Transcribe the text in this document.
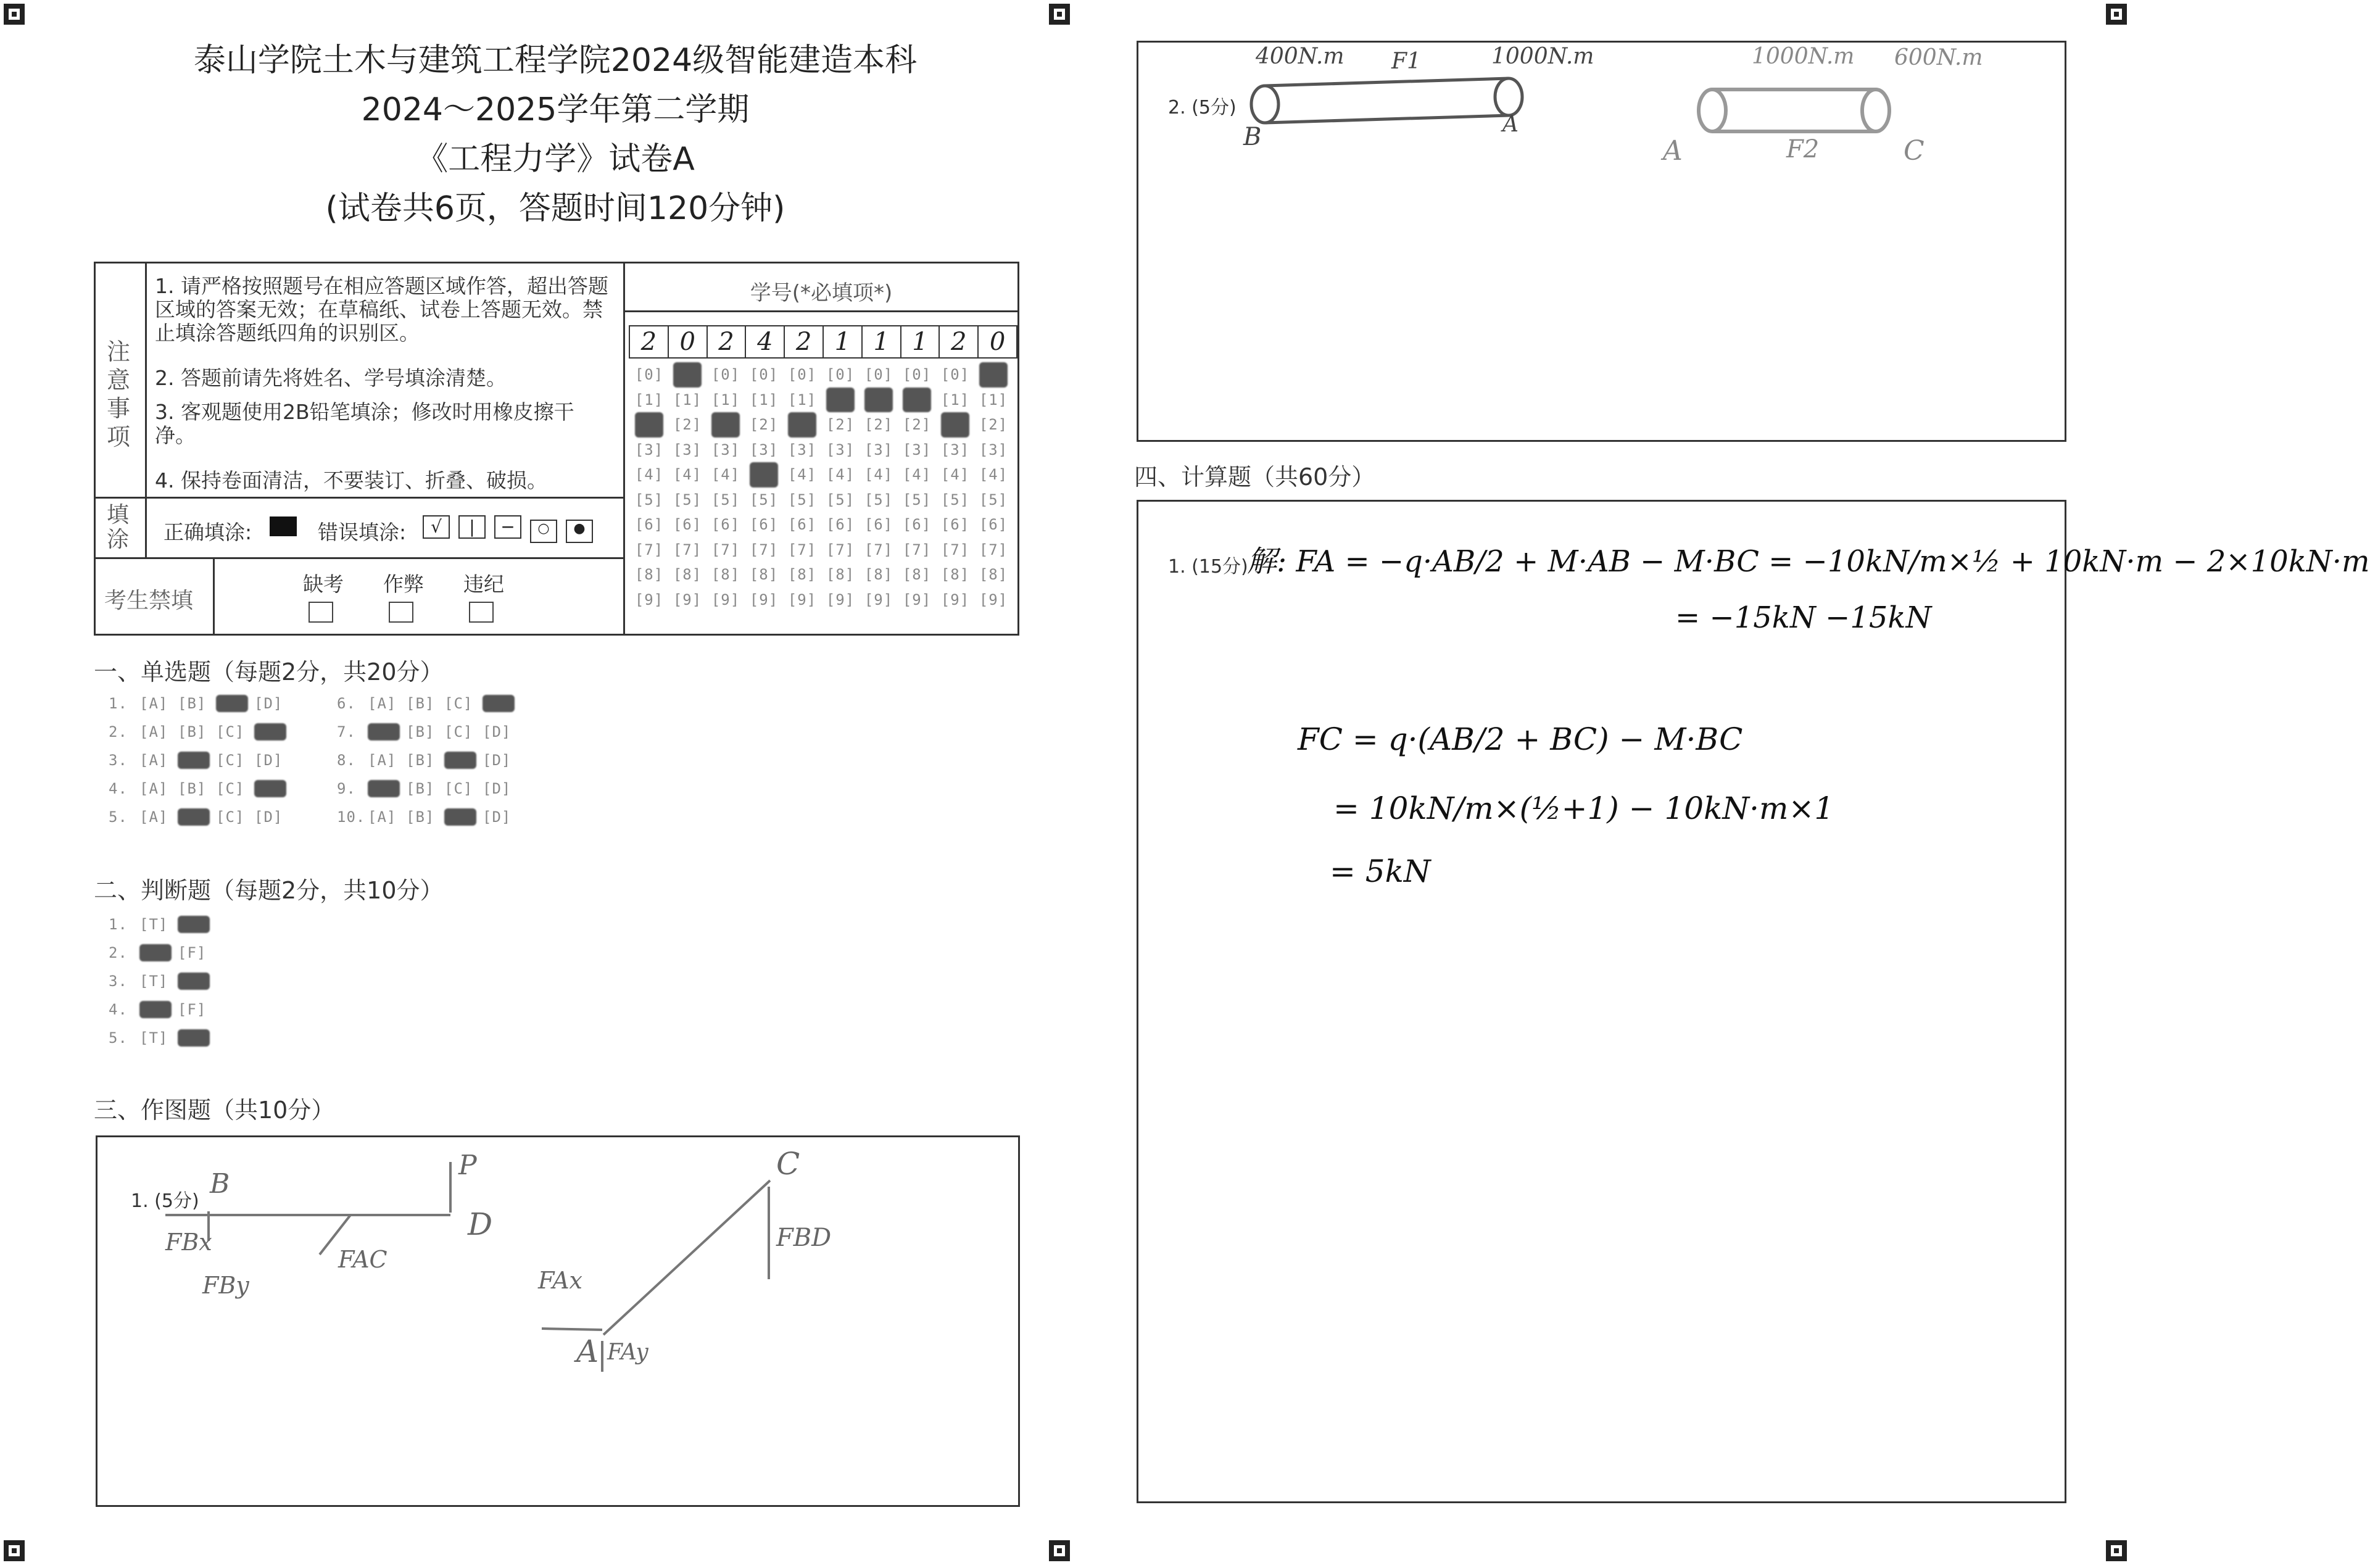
泰山学院土木与建筑工程学院2024级智能建造本科
2024～2025学年第二学期
《工程力学》试卷A
(试卷共6页，答题时间120分钟)
注意事项
1. 请严格按照题号在相应答题区域作答，超出答题区域的答案无效；在草稿纸、试卷上答题无效。禁止填涂答题纸四角的识别区。
2. 答题前请先将姓名、学号填涂清楚。
3. 客观题使用2B铅笔填涂；修改时用橡皮擦干净。
4. 保持卷面清洁，不要装订、折叠、破损。
填涂 正确填涂:	错误填涂:	√ | − ○ ●
考生禁填
缺考 作弊 违纪
学号(*必填项*)
2	0	2	4	2	1	1	1	2	0
[0] [0] [0] [0] [0] [0] [0] [0] [0] [0]
[1] [1] [1] [1] [1] [1] [1] [1] [1] [1]
[2] [2] [2] [2] [2] [2] [2] [2] [2] [2]
[3] [3] [3] [3] [3] [3] [3] [3] [3] [3]
[4] [4] [4] [4] [4] [4] [4] [4] [4] [4]
[5] [5] [5] [5] [5] [5] [5] [5] [5] [5]
[6] [6] [6] [6] [6] [6] [6] [6] [6] [6]
[7] [7] [7] [7] [7] [7] [7] [7] [7] [7]
[8] [8] [8] [8] [8] [8] [8] [8] [8] [8]
[9] [9] [9] [9] [9] [9] [9] [9] [9] [9]
一、单选题（每题2分，共20分）
1. [A] [B] [C] [D]
2. [A] [B] [C] [D]
3. [A] [B] [C] [D]
4. [A] [B] [C] [D]
5. [A] [B] [C] [D]
6. [A] [B] [C] [D]
7. [A] [B] [C] [D]
8. [A] [B] [C] [D]
9. [A] [B] [C] [D]
10. [A] [B] [C] [D]
二、判断题（每题2分，共10分）
1. [T] [F]
2. [T] [F]
3. [T] [F]
4. [T] [F]
5. [T] [F]
三、作图题（共10分）
1. (5分)
B
D
P
FBx
FBy
FAC
C
FBD
FAx
A FAy
2. (5分)
400N.m F1	1000N.m
B	A
1000N.m 600N.m
A	F2	C
四、计算题（共60分）
1. (15分)
解: FA = −q·AB/2 + M·AB − M·BC = −10kN/m×½ + 10kN·m − 2×10kN·m
= −15kN −15kN
FC = q·(AB/2 + BC) − M·BC
= 10kN/m×(½+1) − 10kN·m×1
= 5kN
